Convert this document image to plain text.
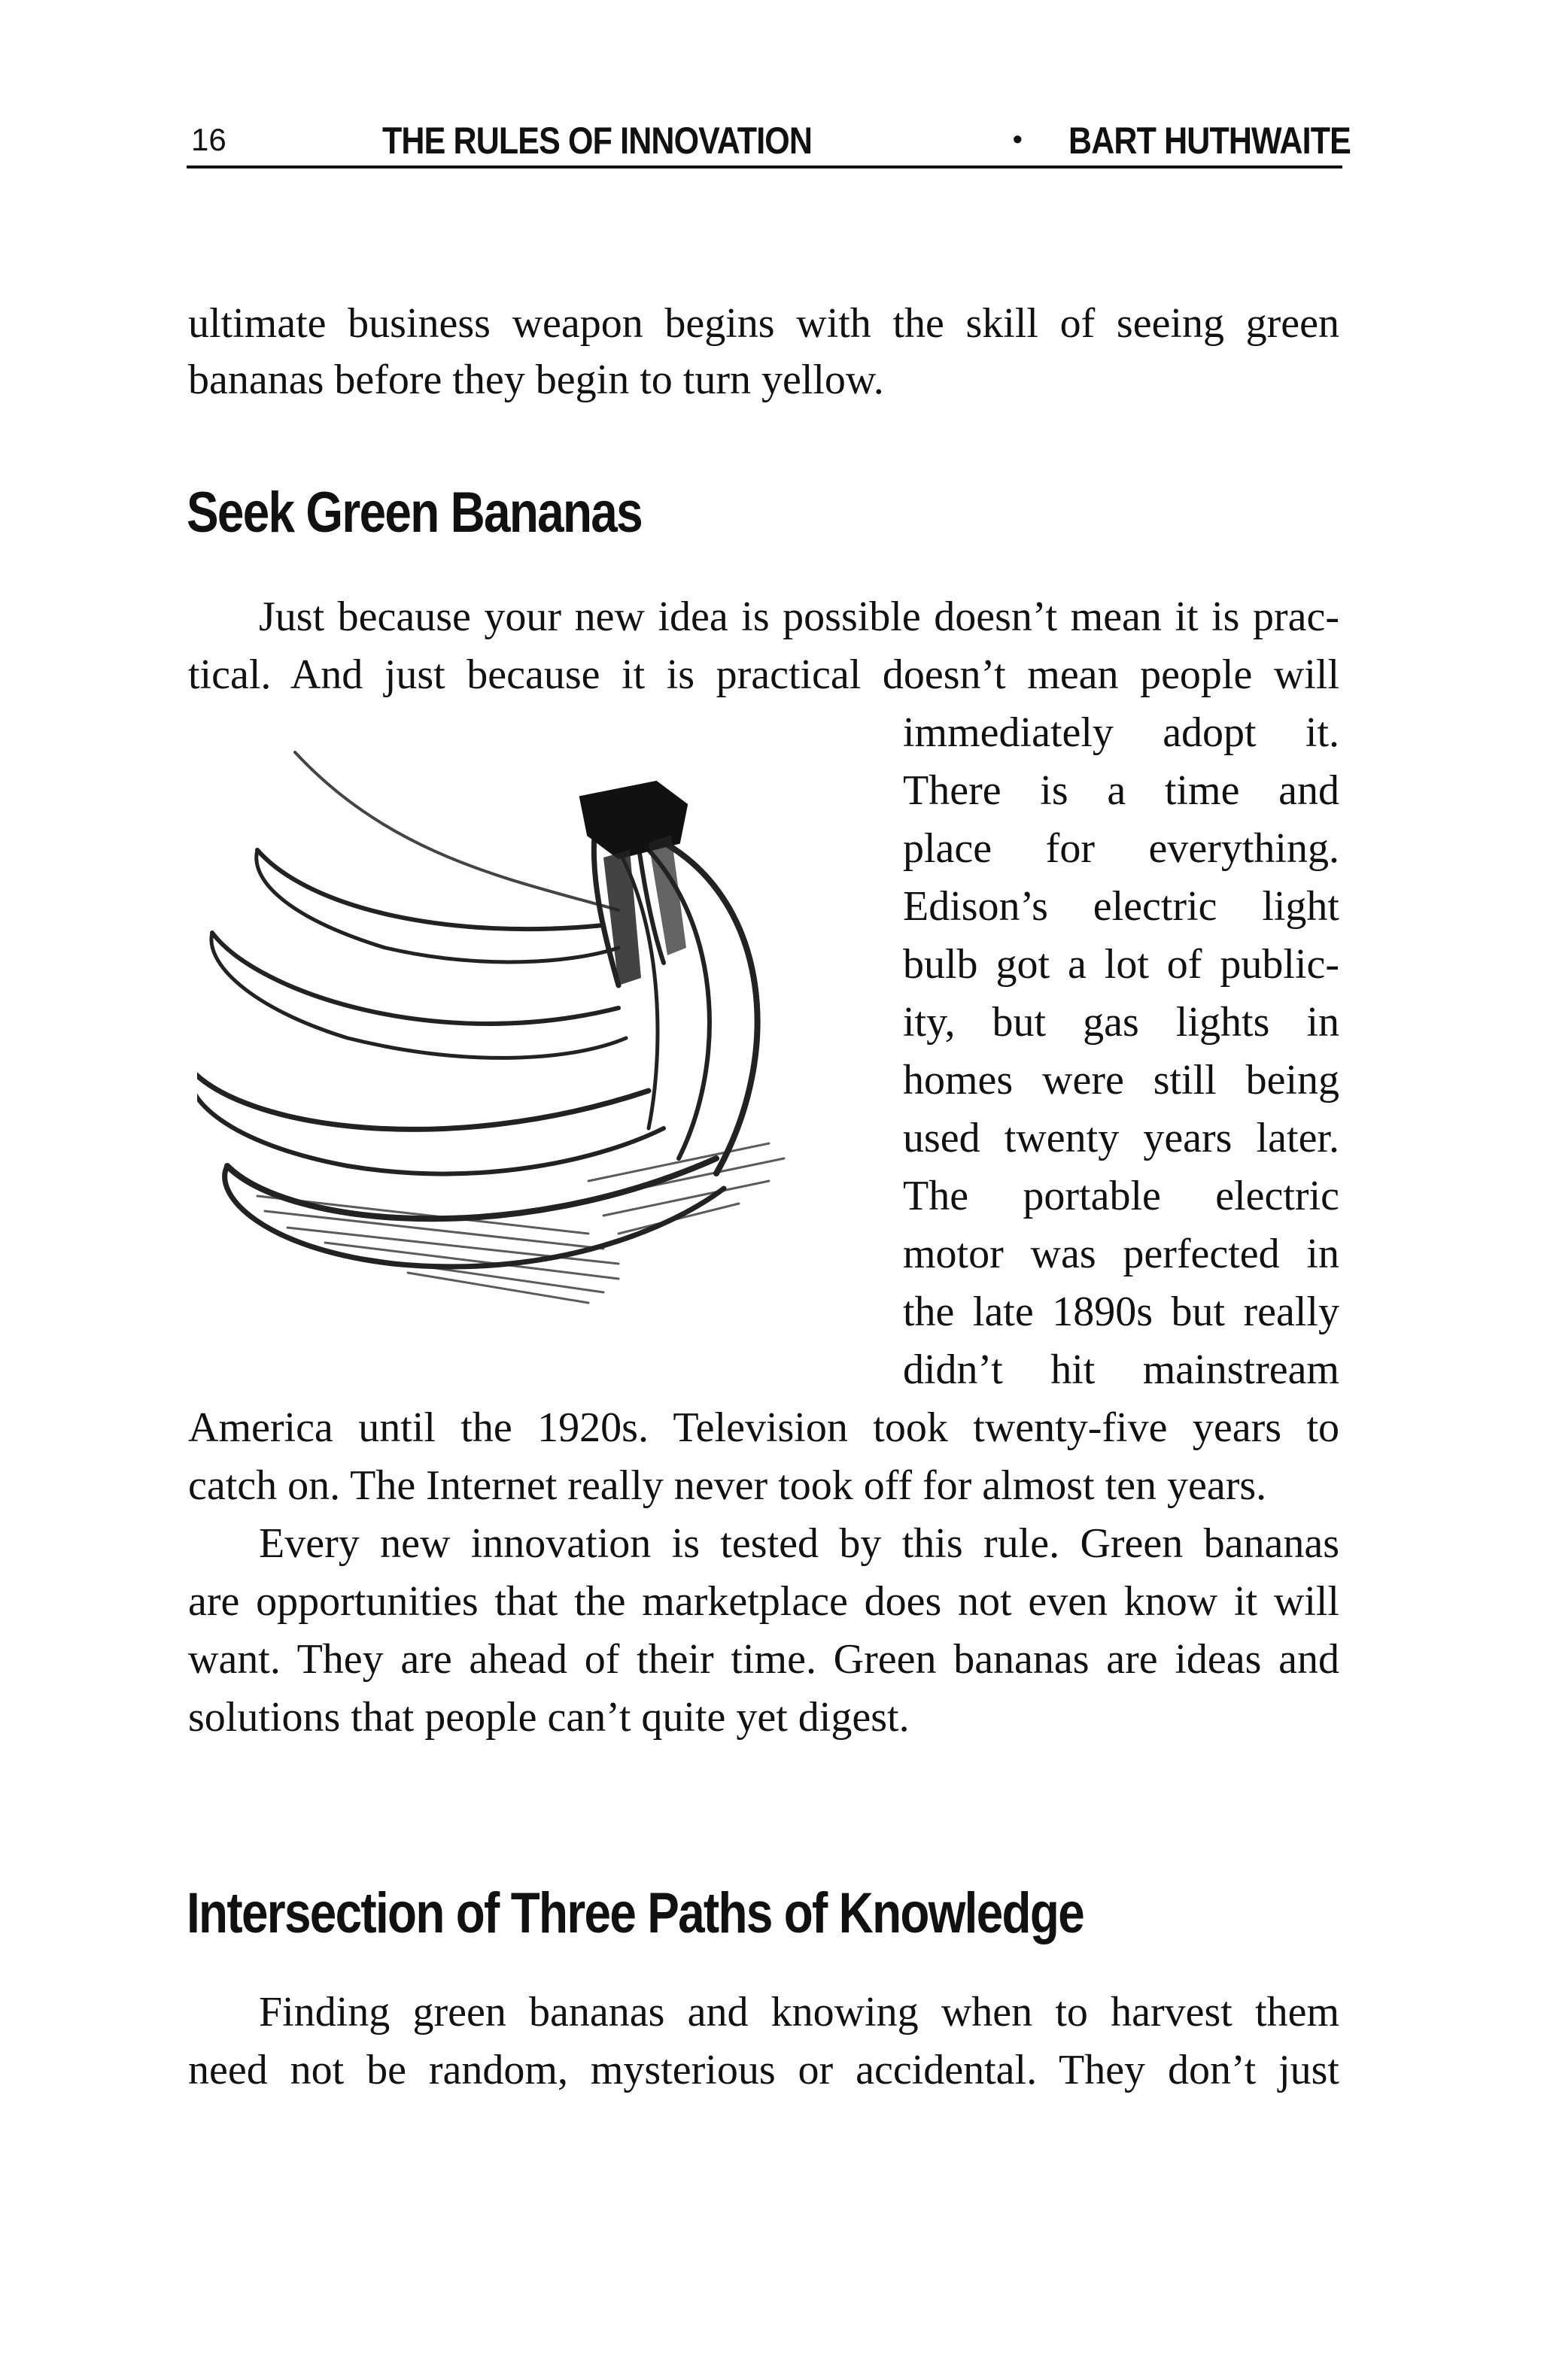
16	THE RULES OF INNOVATION	• BART HUTHWAITE
ultimate business weapon begins with the skill of seeing green
bananas before they begin to turn yellow.
Seek Green Bananas
Just because your new idea is possible doesn’t mean it is prac-
tical. And just because it is practical doesn’t mean people will
immediately adopt it.
There is a time and
place for everything.
Edison’s electric light
bulb got a lot of public-
ity, but gas lights in
homes were still being
used twenty years later.
The portable electric
motor was perfected in
the late 1890s but really
didn’t hit mainstream
America until the 1920s. Television took twenty-five years to
catch on. The Internet really never took off for almost ten years.
Every new innovation is tested by this rule. Green bananas
are opportunities that the marketplace does not even know it will
want. They are ahead of their time. Green bananas are ideas and
solutions that people can’t quite yet digest.
Intersection of Three Paths of Knowledge
Finding green bananas and knowing when to harvest them
need not be random, mysterious or accidental. They don’t just
